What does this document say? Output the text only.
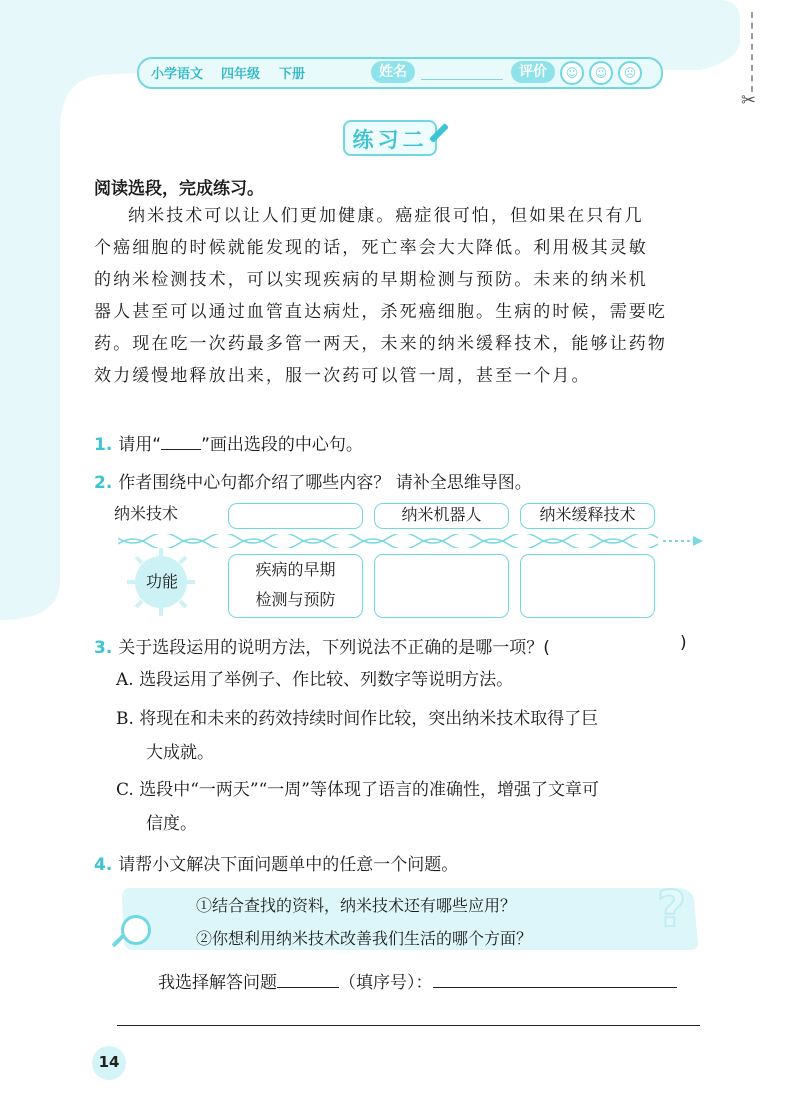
✂
小学语文 四年级 下册	姓名	评价	☺	☺	☹
练习二
阅读选段，完成练习。
纳米技术可以让人们更加健康。癌症很可怕，但如果在只有几
个癌细胞的时候就能发现的话，死亡率会大大降低。利用极其灵敏
的纳米检测技术，可以实现疾病的早期检测与预防。未来的纳米机
器人甚至可以通过血管直达病灶，杀死癌细胞。生病的时候，需要吃
药。现在吃一次药最多管一两天，未来的纳米缓释技术，能够让药物
效力缓慢地释放出来，服一次药可以管一周，甚至一个月。
1. 请用“ ”画出选段的中心句。
2. 作者围绕中心句都介绍了哪些内容？ 请补全思维导图。
纳米技术	纳米机器人	纳米缓释技术
功能
疾病的早期
检测与预防
3. 关于选段运用的说明方法，下列说法不正确的是哪一项？(	)
A. 选段运用了举例子、作比较、列数字等说明方法。
B. 将现在和未来的药效持续时间作比较，突出纳米技术取得了巨
大成就。
C. 选段中“一两天”“一周”等体现了语言的准确性，增强了文章可
信度。
4. 请帮小文解决下面问题单中的任意一个问题。
?
①结合查找的资料，纳米技术还有哪些应用？
②你想利用纳米技术改善我们生活的哪个方面？
我选择解答问题	（填序号）：
14
